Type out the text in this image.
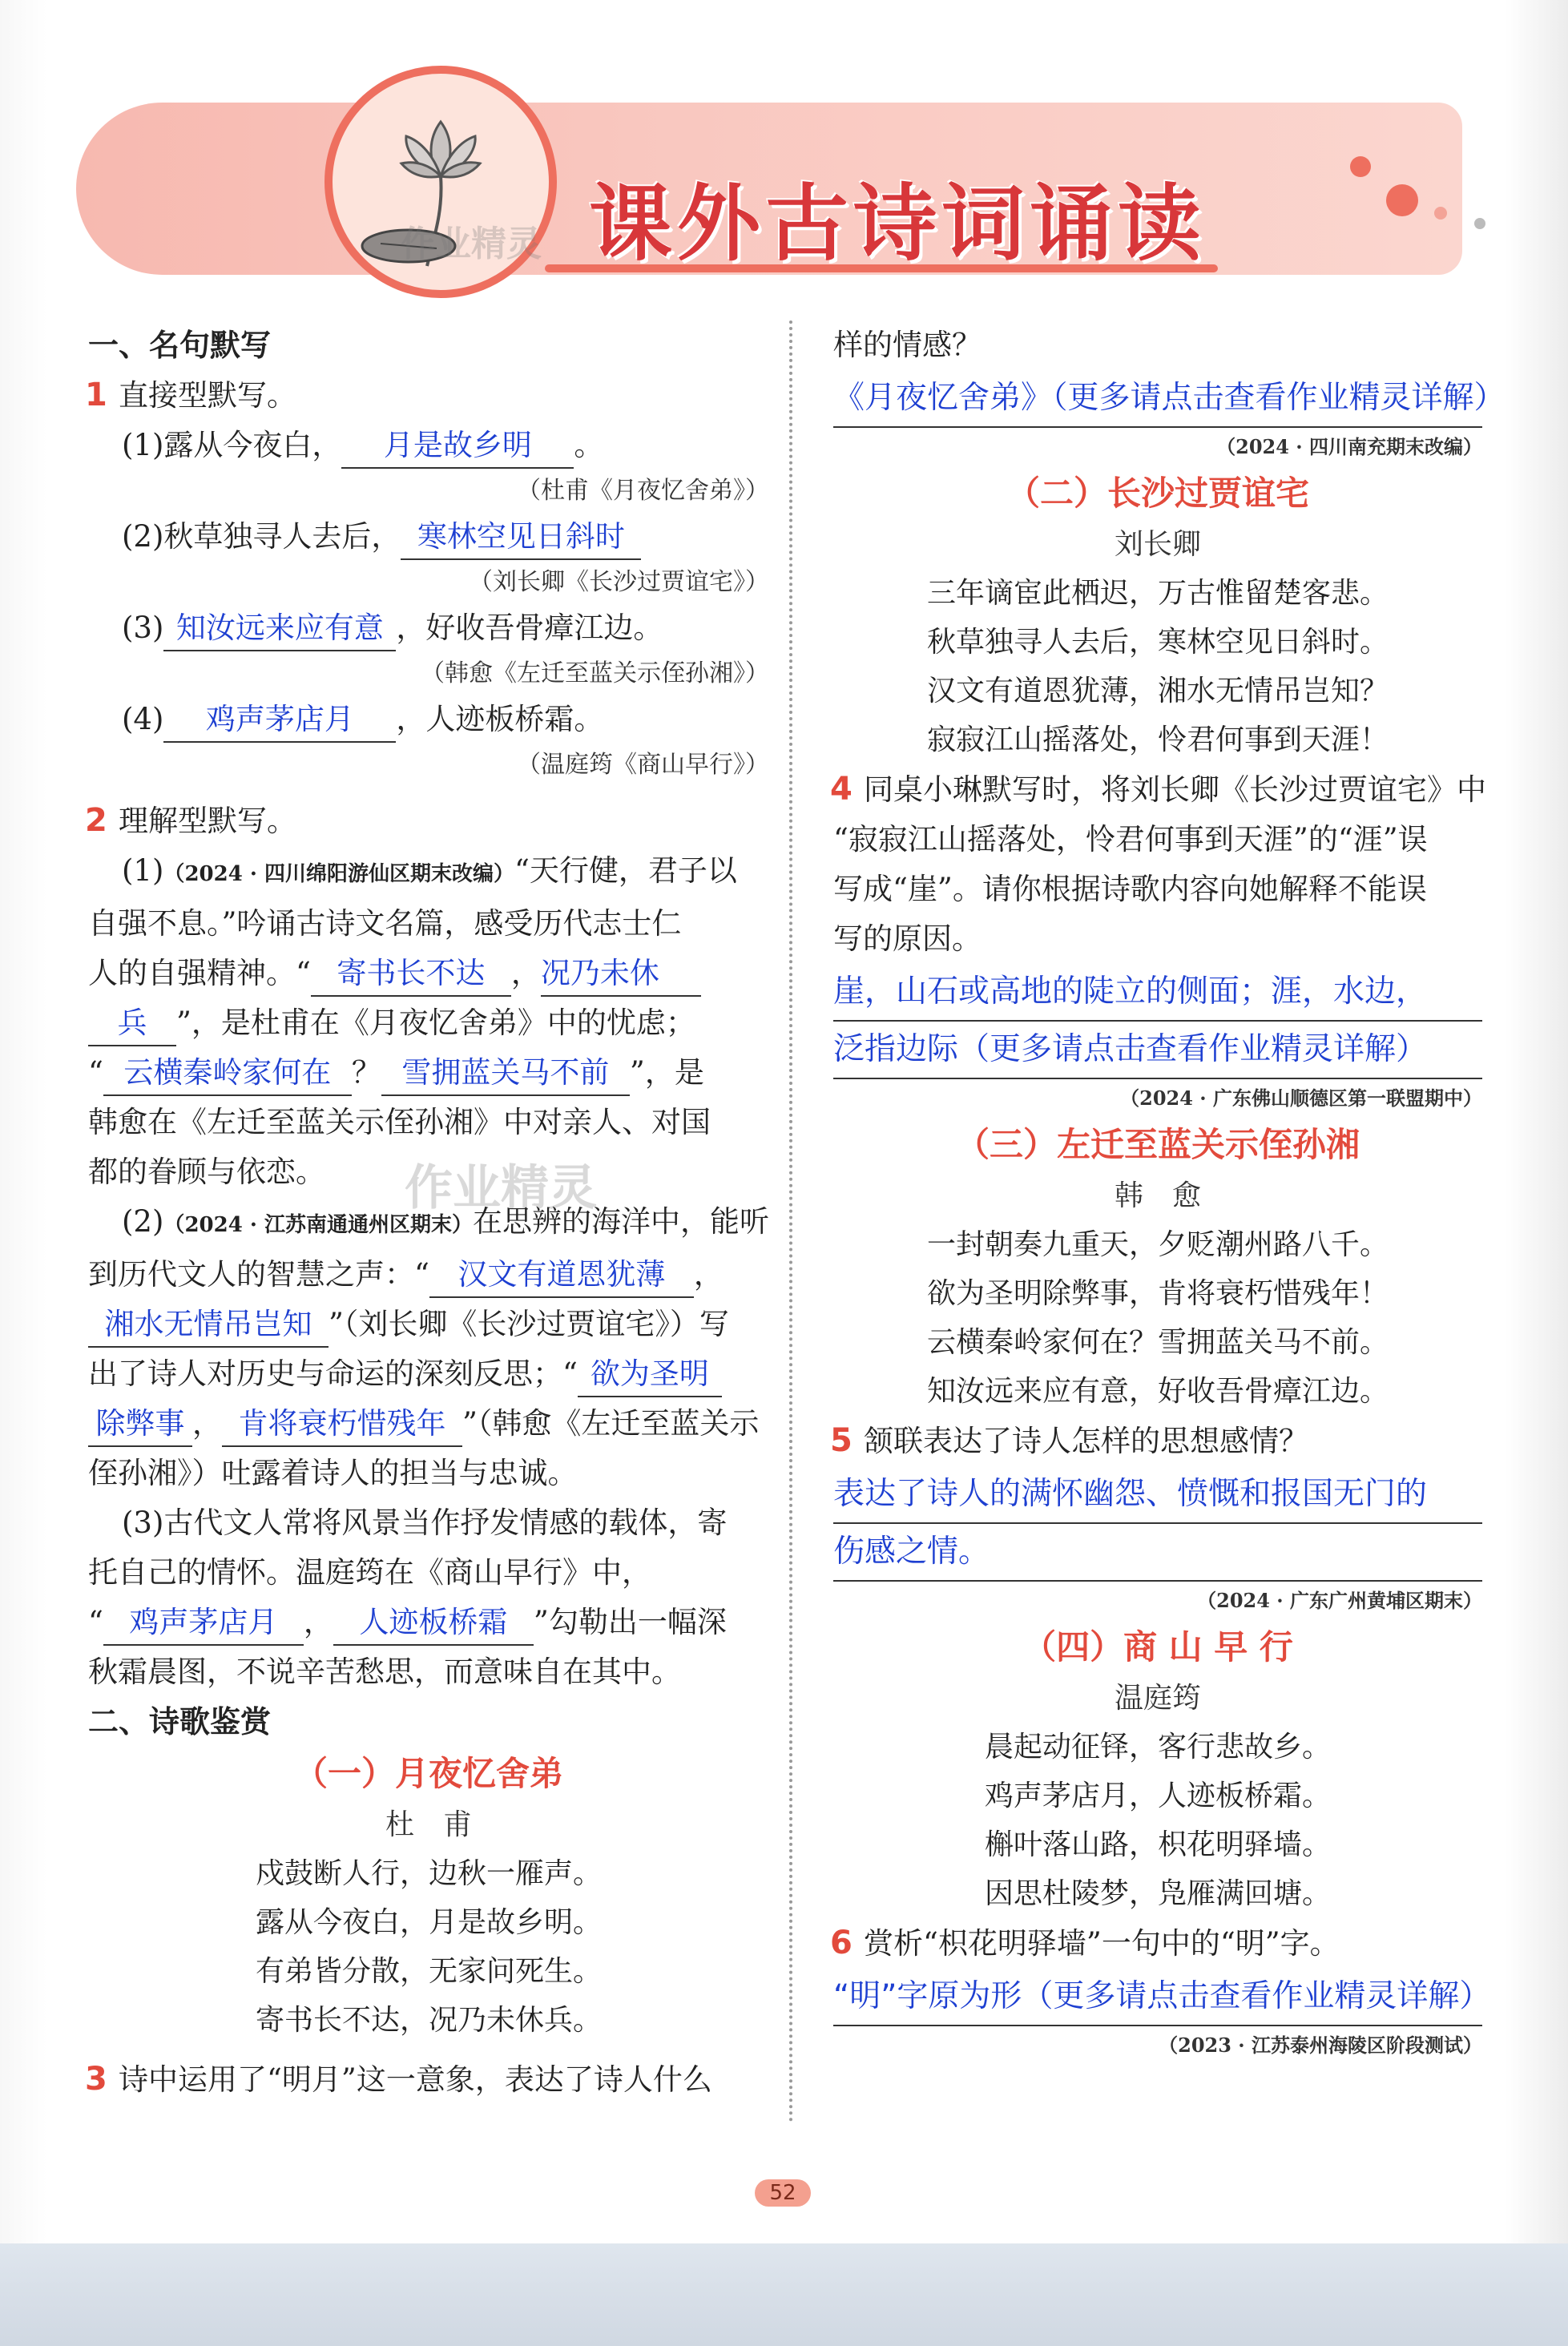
课外古诗词诵读
作业精灵
作业精灵
一、名句默写
1 直接型默写。
(1)露从今夜白， 月是故乡明 。
（杜甫《月夜忆舍弟》）
(2)秋草独寻人去后， 寒林空见日斜时
（刘长卿《长沙过贾谊宅》）
(3) 知汝远来应有意 ，好收吾骨瘴江边。
（韩愈《左迁至蓝关示侄孙湘》）
(4) 鸡声茅店月 ，人迹板桥霜。
（温庭筠《商山早行》）
2 理解型默写。
(1)（2024 · 四川绵阳游仙区期末改编）“天行健，君子以
自强不息。”吟诵古诗文名篇，感受历代志士仁
人的自强精神。“ 寄书长不达 ，况乃未休
兵 ”，是杜甫在《月夜忆舍弟》中的忧虑；
“ 云横秦岭家何在 ？ 雪拥蓝关马不前 ”，是
韩愈在《左迁至蓝关示侄孙湘》中对亲人、对国
都的眷顾与依恋。
(2)（2024 · 江苏南通通州区期末）在思辨的海洋中，能听
到历代文人的智慧之声：“ 汉文有道恩犹薄 ，
湘水无情吊岂知 ”（刘长卿《长沙过贾谊宅》）写
出了诗人对历史与命运的深刻反思；“ 欲为圣明
除弊事 ， 肯将衰朽惜残年 ”（韩愈《左迁至蓝关示
侄孙湘》）吐露着诗人的担当与忠诚。
(3)古代文人常将风景当作抒发情感的载体，寄
托自己的情怀。温庭筠在《商山早行》中，
“ 鸡声茅店月 ， 人迹板桥霜 ”勾勒出一幅深
秋霜晨图，不说辛苦愁思，而意味自在其中。
二、诗歌鉴赏
（一）月夜忆舍弟
杜　甫
戍鼓断人行，边秋一雁声。
露从今夜白，月是故乡明。
有弟皆分散，无家问死生。
寄书长不达，况乃未休兵。
3 诗中运用了“明月”这一意象，表达了诗人什么
样的情感？
《月夜忆舍弟》（更多请点击查看作业精灵详解）
（2024 · 四川南充期末改编）
（二）长沙过贾谊宅
刘长卿
三年谪宦此栖迟，万古惟留楚客悲。
秋草独寻人去后，寒林空见日斜时。
汉文有道恩犹薄，湘水无情吊岂知？
寂寂江山摇落处，怜君何事到天涯！
4 同桌小琳默写时，将刘长卿《长沙过贾谊宅》中
“寂寂江山摇落处，怜君何事到天涯”的“涯”误
写成“崖”。请你根据诗歌内容向她解释不能误
写的原因。
崖，山石或高地的陡立的侧面；涯，水边，
泛指边际（更多请点击查看作业精灵详解）
（2024 · 广东佛山顺德区第一联盟期中）
（三）左迁至蓝关示侄孙湘
韩　愈
一封朝奏九重天，夕贬潮州路八千。
欲为圣明除弊事，肯将衰朽惜残年！
云横秦岭家何在？雪拥蓝关马不前。
知汝远来应有意，好收吾骨瘴江边。
5 颔联表达了诗人怎样的思想感情？
表达了诗人的满怀幽怨、愤慨和报国无门的
伤感之情。
（2024 · 广东广州黄埔区期末）
（四）商 山 早 行
温庭筠
晨起动征铎，客行悲故乡。
鸡声茅店月，人迹板桥霜。
槲叶落山路，枳花明驿墙。
因思杜陵梦，凫雁满回塘。
6 赏析“枳花明驿墙”一句中的“明”字。
“明”字原为形（更多请点击查看作业精灵详解）
（2023 · 江苏泰州海陵区阶段测试）
52
